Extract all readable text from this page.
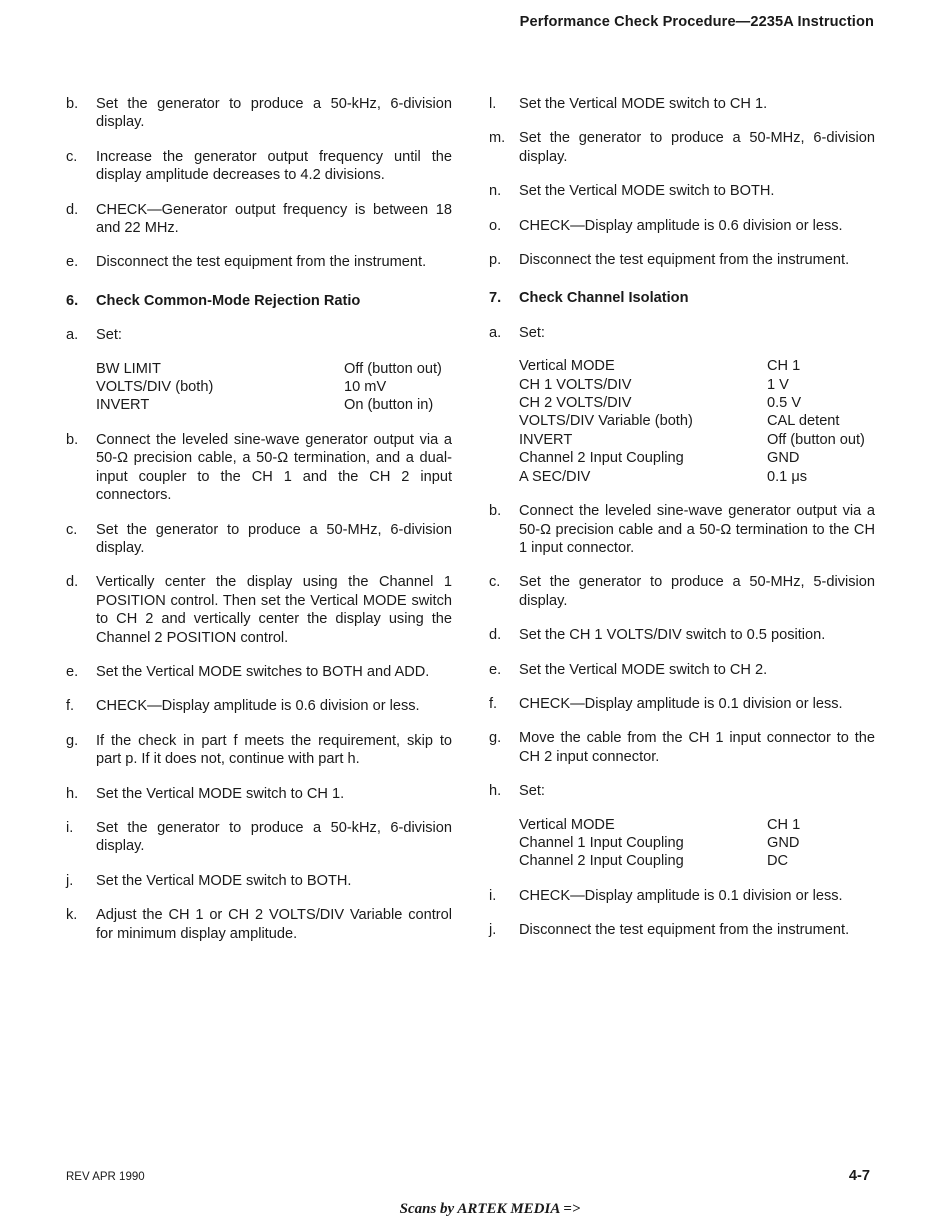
Performance Check Procedure—2235A Instruction
b. Set the generator to produce a 50-kHz, 6-division display.
c. Increase the generator output frequency until the display amplitude decreases to 4.2 divisions.
d. CHECK—Generator output frequency is between 18 and 22 MHz.
e. Disconnect the test equipment from the instrument.
6. Check Common-Mode Rejection Ratio
a. Set:
BW LIMIT	Off (button out)
VOLTS/DIV (both)	10 mV
INVERT	On (button in)
b. Connect the leveled sine-wave generator output via a 50-Ω precision cable, a 50-Ω termination, and a dual-input coupler to the CH 1 and the CH 2 input connectors.
c. Set the generator to produce a 50-MHz, 6-division display.
d. Vertically center the display using the Channel 1 POSITION control. Then set the Vertical MODE switch to CH 2 and vertically center the display using the Channel 2 POSITION control.
e. Set the Vertical MODE switches to BOTH and ADD.
f. CHECK—Display amplitude is 0.6 division or less.
g. If the check in part f meets the requirement, skip to part p. If it does not, continue with part h.
h. Set the Vertical MODE switch to CH 1.
i. Set the generator to produce a 50-kHz, 6-division display.
j. Set the Vertical MODE switch to BOTH.
k. Adjust the CH 1 or CH 2 VOLTS/DIV Variable control for minimum display amplitude.
l. Set the Vertical MODE switch to CH 1.
m. Set the generator to produce a 50-MHz, 6-division display.
n. Set the Vertical MODE switch to BOTH.
o. CHECK—Display amplitude is 0.6 division or less.
p. Disconnect the test equipment from the instrument.
7. Check Channel Isolation
a. Set:
Vertical MODE	CH 1
CH 1 VOLTS/DIV	1 V
CH 2 VOLTS/DIV	0.5 V
VOLTS/DIV Variable (both)	CAL detent
INVERT	Off (button out)
Channel 2 Input Coupling	GND
A SEC/DIV	0.1 μs
b. Connect the leveled sine-wave generator output via a 50-Ω precision cable and a 50-Ω termination to the CH 1 input connector.
c. Set the generator to produce a 50-MHz, 5-division display.
d. Set the CH 1 VOLTS/DIV switch to 0.5 position.
e. Set the Vertical MODE switch to CH 2.
f. CHECK—Display amplitude is 0.1 division or less.
g. Move the cable from the CH 1 input connector to the CH 2 input connector.
h. Set:
Vertical MODE	CH 1
Channel 1 Input Coupling	GND
Channel 2 Input Coupling	DC
i. CHECK—Display amplitude is 0.1 division or less.
j. Disconnect the test equipment from the instrument.
REV APR 1990	4-7
Scans by ARTEK MEDIA =>
